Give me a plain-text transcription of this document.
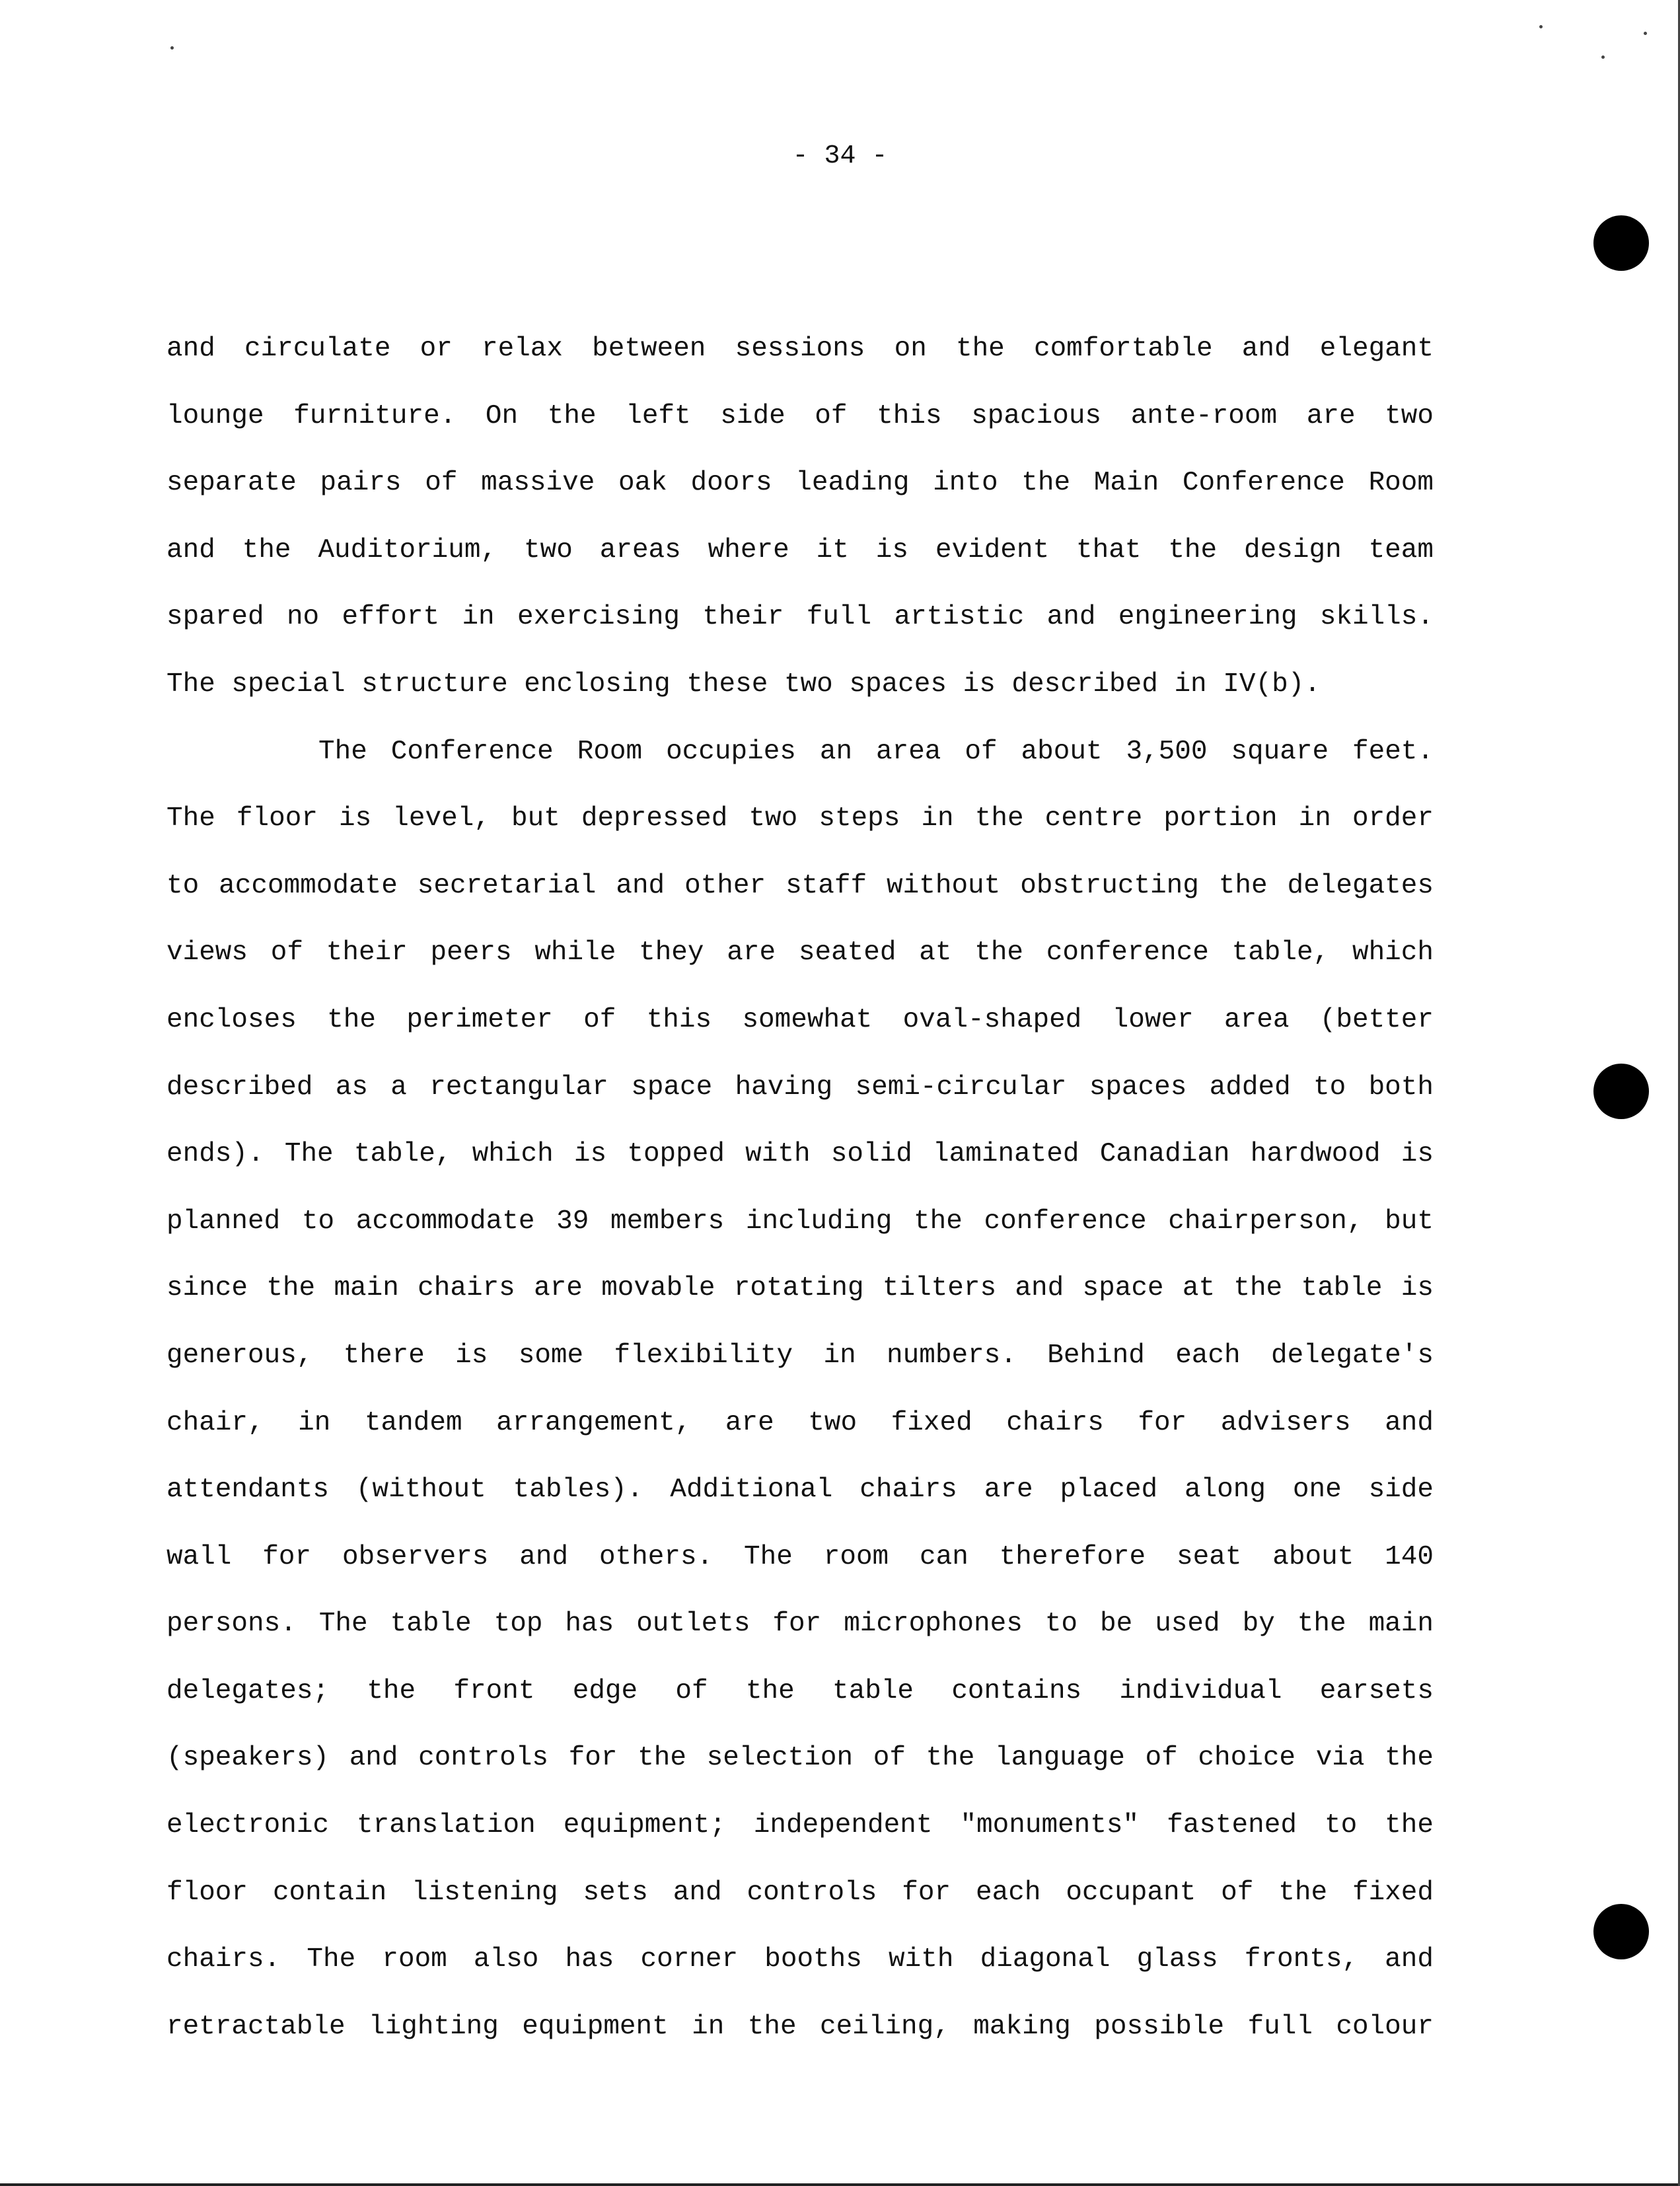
- 34 -
and circulate or relax between sessions on the comfortable and elegant
lounge furniture. On the left side of this spacious ante-room are two
separate pairs of massive oak doors leading into the Main Conference Room
and the Auditorium, two areas where it is evident that the design team
spared no effort in exercising their full artistic and engineering skills.
The special structure enclosing these two spaces is described in IV(b).
The Conference Room occupies an area of about 3,500 square feet.
The floor is level, but depressed two steps in the centre portion in order
to accommodate secretarial and other staff without obstructing the delegates
views of their peers while they are seated at the conference table, which
encloses the perimeter of this somewhat oval-shaped lower area (better
described as a rectangular space having semi-circular spaces added to both
ends). The table, which is topped with solid laminated Canadian hardwood is
planned to accommodate 39 members including the conference chairperson, but
since the main chairs are movable rotating tilters and space at the table is
generous, there is some flexibility in numbers. Behind each delegate's
chair, in tandem arrangement, are two fixed chairs for advisers and
attendants (without tables). Additional chairs are placed along one side
wall for observers and others. The room can therefore seat about 140
persons. The table top has outlets for microphones to be used by the main
delegates; the front edge of the table contains individual earsets
(speakers) and controls for the selection of the language of choice via the
electronic translation equipment; independent "monuments" fastened to the
floor contain listening sets and controls for each occupant of the fixed
chairs. The room also has corner booths with diagonal glass fronts, and
retractable lighting equipment in the ceiling, making possible full colour
